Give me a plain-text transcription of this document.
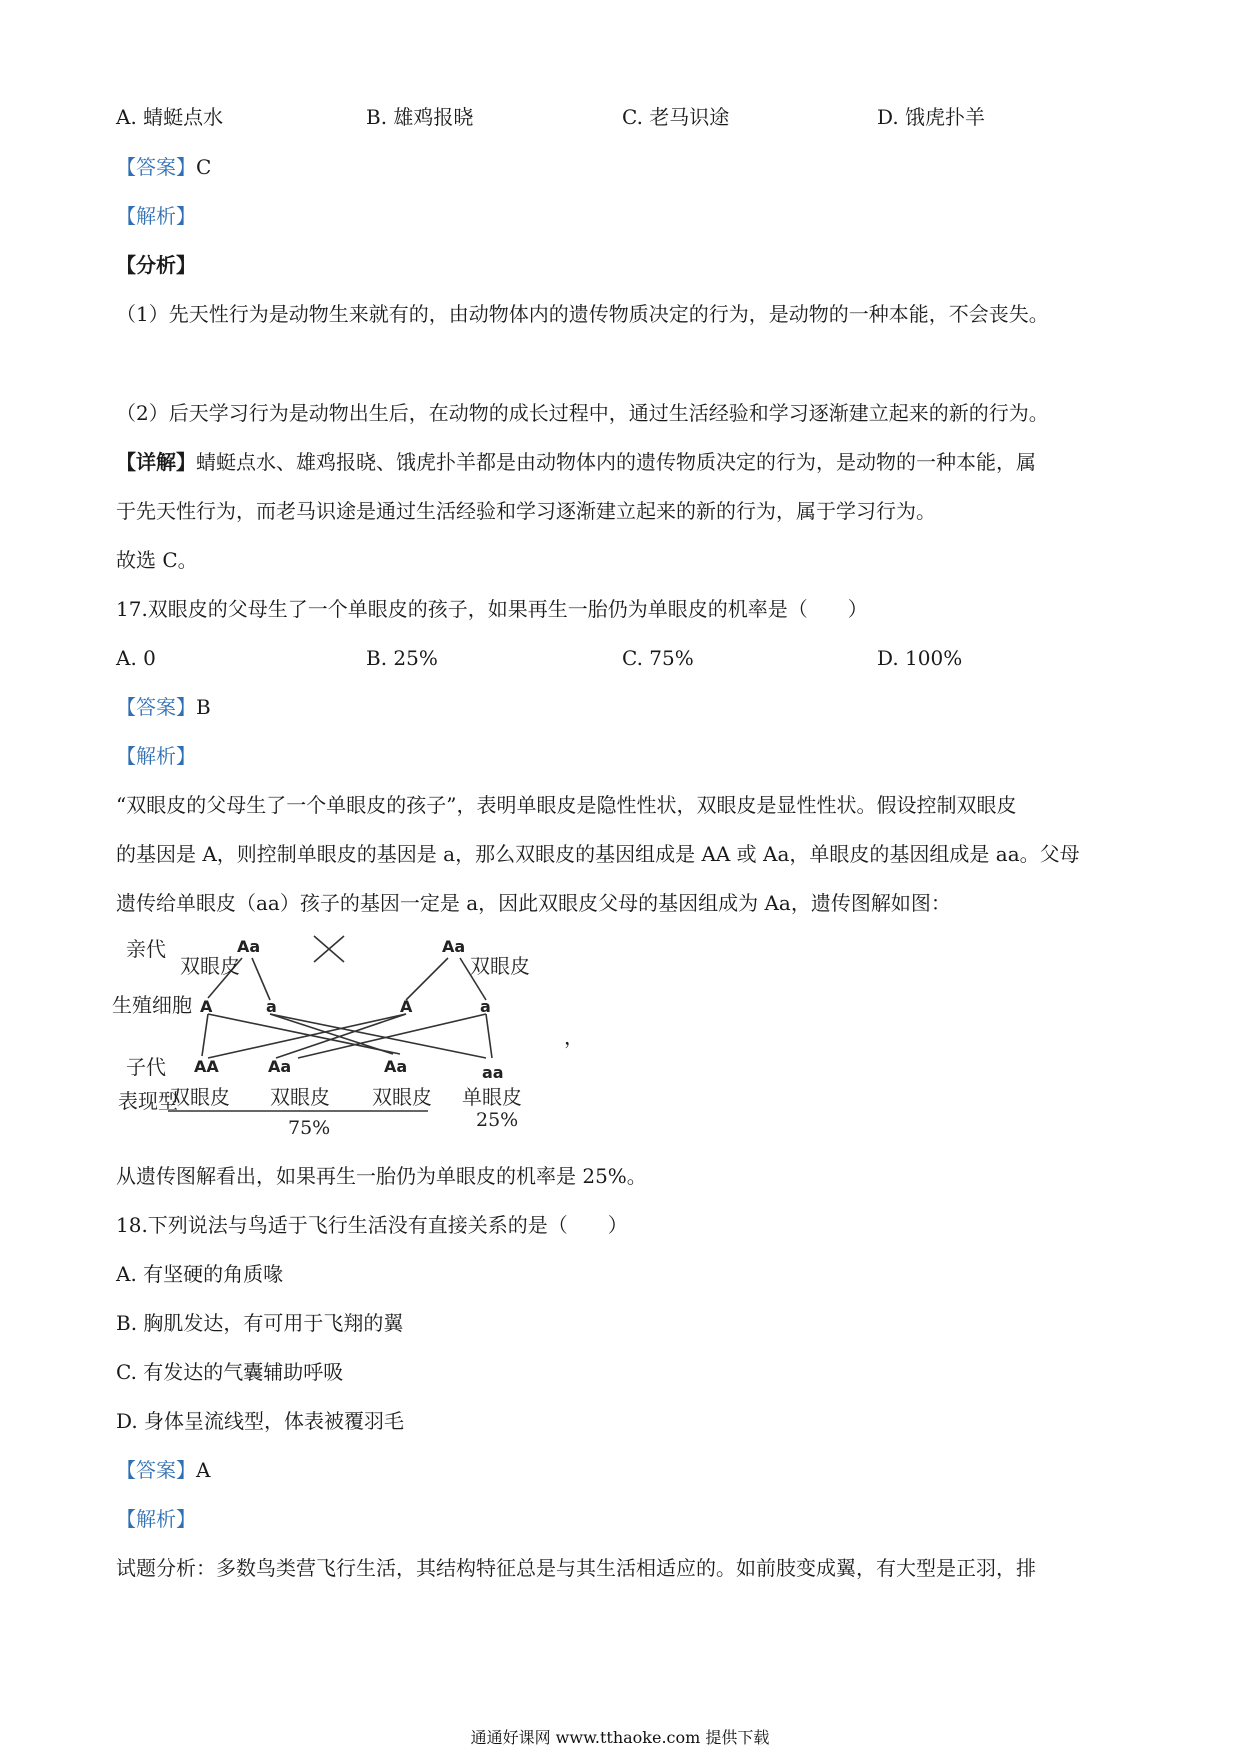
A. 蜻蜓点水	B. 雄鸡报晓	C. 老马识途	D. 饿虎扑羊
【答案】C
【解析】
【分析】
（1）先天性行为是动物生来就有的，由动物体内的遗传物质决定的行为，是动物的一种本能，不会丧失。
（2）后天学习行为是动物出生后，在动物的成长过程中，通过生活经验和学习逐渐建立起来的新的行为。
【详解】蜻蜓点水、雄鸡报晓、饿虎扑羊都是由动物体内的遗传物质决定的行为，是动物的一种本能，属
于先天性行为，而老马识途是通过生活经验和学习逐渐建立起来的新的行为，属于学习行为。
故选 C。
17.双眼皮的父母生了一个单眼皮的孩子，如果再生一胎仍为单眼皮的机率是（　　）
A. 0	B. 25%	C. 75%	D. 100%
【答案】B
【解析】
“双眼皮的父母生了一个单眼皮的孩子”，表明单眼皮是隐性性状，双眼皮是显性性状。假设控制双眼皮
的基因是 A，则控制单眼皮的基因是 a，那么双眼皮的基因组成是 AA 或 Aa，单眼皮的基因组成是 aa。父母
遗传给单眼皮（aa）孩子的基因一定是 a，因此双眼皮父母的基因组成为 Aa，遗传图解如图：
亲代
双眼皮
Aa	Aa
双眼皮
生殖细胞 A	a	A	a
子代 AA	Aa	Aa	aa
表现型
双眼皮 双眼皮 双眼皮 单眼皮
75%	25%
，
从遗传图解看出，如果再生一胎仍为单眼皮的机率是 25%。
18.下列说法与鸟适于飞行生活没有直接关系的是（　　）
A. 有坚硬的角质喙
B. 胸肌发达，有可用于飞翔的翼
C. 有发达的气囊辅助呼吸
D. 身体呈流线型，体表被覆羽毛
【答案】A
【解析】
试题分析：多数鸟类营飞行生活，其结构特征总是与其生活相适应的。如前肢变成翼，有大型是正羽，排
通通好课网 www.tthaoke.com 提供下载
